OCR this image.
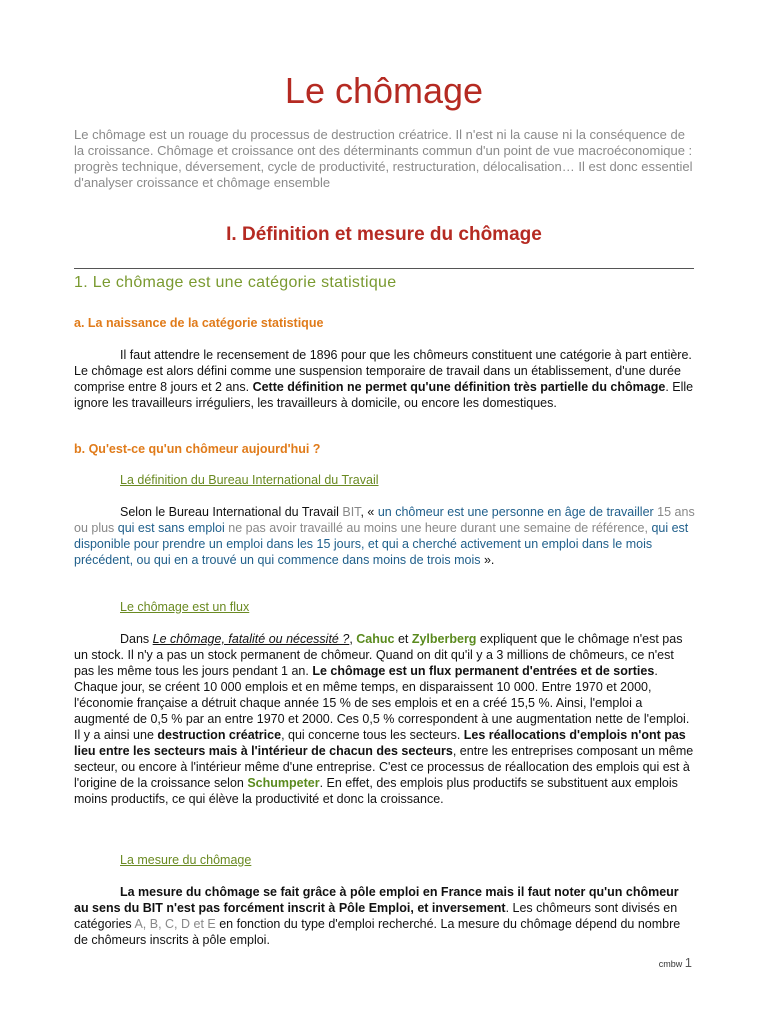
Le chômage
Le chômage est un rouage du processus de destruction créatrice. Il n'est ni la cause ni la conséquence de la croissance. Chômage et croissance ont des déterminants commun d'un point de vue macroéconomique : progrès technique, déversement, cycle de productivité, restructuration, délocalisation… Il est donc essentiel d'analyser croissance et chômage ensemble
I. Définition et mesure du chômage
1. Le chômage est une catégorie statistique
a. La naissance de la catégorie statistique
Il faut attendre le recensement de 1896 pour que les chômeurs constituent une catégorie à part entière. Le chômage est alors défini comme une suspension temporaire de travail dans un établissement, d'une durée comprise entre 8 jours et 2 ans. Cette définition ne permet qu'une définition très partielle du chômage. Elle ignore les travailleurs irréguliers, les travailleurs à domicile, ou encore les domestiques.
b. Qu'est-ce qu'un chômeur aujourd'hui ?
La définition du Bureau International du Travail
Selon le Bureau International du Travail BIT, « un chômeur est une personne en âge de travailler 15 ans ou plus qui est sans emploi ne pas avoir travaillé au moins une heure durant une semaine de référence, qui est disponible pour prendre un emploi dans les 15 jours, et qui a cherché activement un emploi dans le mois précédent, ou qui en a trouvé un qui commence dans moins de trois mois ».
Le chômage est un flux
Dans Le chômage, fatalité ou nécessité ?, Cahuc et Zylberberg expliquent que le chômage n'est pas un stock. Il n'y a pas un stock permanent de chômeur. Quand on dit qu'il y a 3 millions de chômeurs, ce n'est pas les même tous les jours pendant 1 an. Le chômage est un flux permanent d'entrées et de sorties. Chaque jour, se créent 10 000 emplois et en même temps, en disparaissent 10 000. Entre 1970 et 2000, l'économie française a détruit chaque année 15 % de ses emplois et en a créé 15,5 %. Ainsi, l'emploi a augmenté de 0,5 % par an entre 1970 et 2000. Ces 0,5 % correspondent à une augmentation nette de l'emploi. Il y a ainsi une destruction créatrice, qui concerne tous les secteurs. Les réallocations d'emplois n'ont pas lieu entre les secteurs mais à l'intérieur de chacun des secteurs, entre les entreprises composant un même secteur, ou encore à l'intérieur même d'une entreprise. C'est ce processus de réallocation des emplois qui est à l'origine de la croissance selon Schumpeter. En effet, des emplois plus productifs se substituent aux emplois moins productifs, ce qui élève la productivité et donc la croissance.
La mesure du chômage
La mesure du chômage se fait grâce à pôle emploi en France mais il faut noter qu'un chômeur au sens du BIT n'est pas forcément inscrit à Pôle Emploi, et inversement. Les chômeurs sont divisés en catégories A, B, C, D et E en fonction du type d'emploi recherché. La mesure du chômage dépend du nombre de chômeurs inscrits à pôle emploi.
cmbw 1
